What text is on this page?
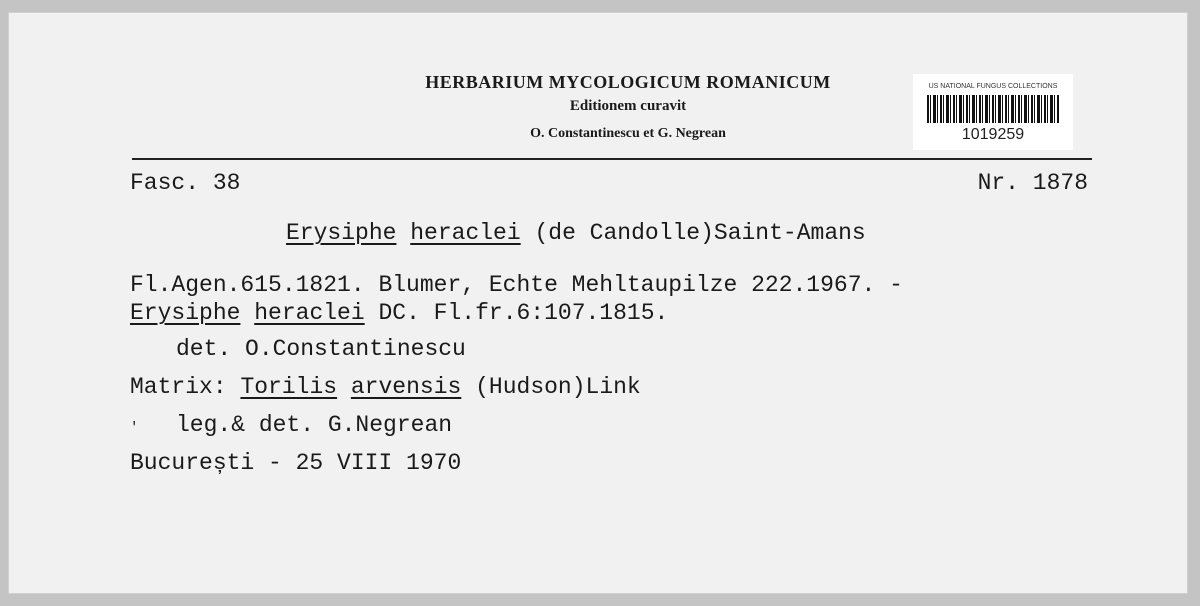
HERBARIUM MYCOLOGICUM ROMANICUM
Editionem curavit
O. Constantinescu et G. Negrean
US NATIONAL FUNGUS COLLECTIONS
1019259
Fasc. 38	Nr. 1878
Erysiphe heraclei (de Candolle)Saint-Amans
Fl.Agen.615.1821. Blumer, Echte Mehltaupilze 222.1967. -
Erysiphe heraclei DC. Fl.fr.6:107.1815.
det. O.Constantinescu
Matrix: Torilis arvensis (Hudson)Link
' leg.& det. G.Negrean
București - 25 VIII 1970
